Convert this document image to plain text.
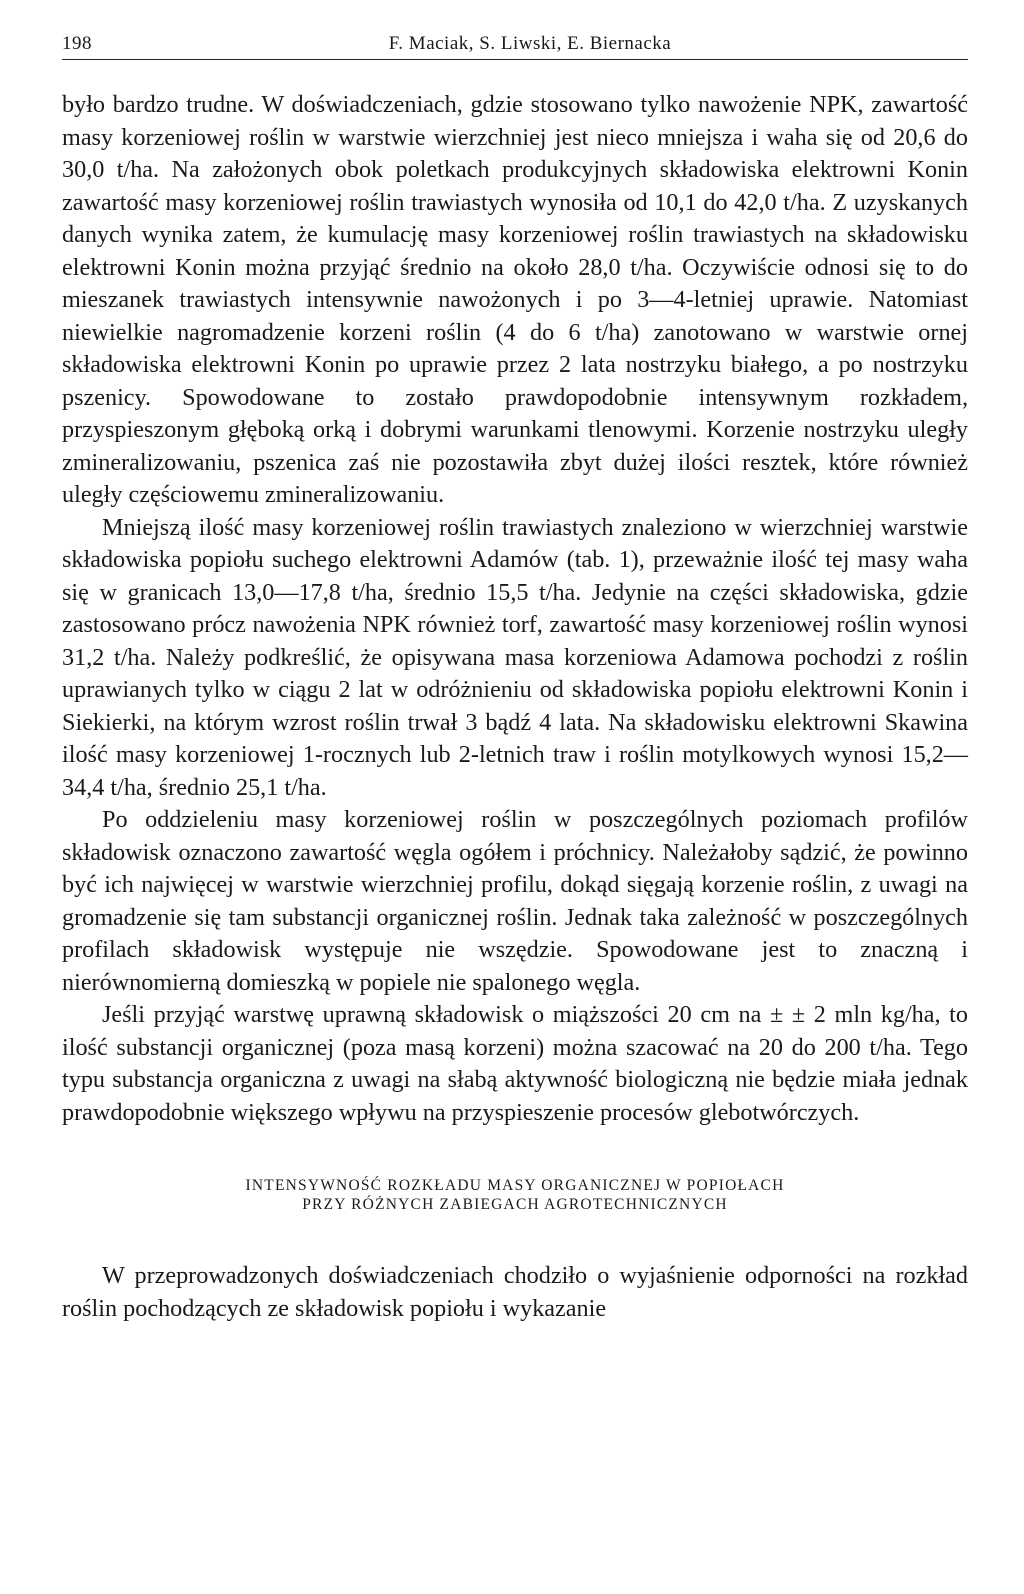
198	F. Maciak, S. Liwski, E. Biernacka

było bardzo trudne. W doświadczeniach, gdzie stosowano tylko nawożenie NPK, zawartość masy korzeniowej roślin w warstwie wierzchniej jest nieco mniejsza i waha się od 20,6 do 30,0 t/ha. Na założonych obok poletkach produkcyjnych składowiska elektrowni Konin zawartość masy korzeniowej roślin trawiastych wynosiła od 10,1 do 42,0 t/ha. Z uzyskanych danych wynika zatem, że kumulację masy korzeniowej roślin trawiastych na składowisku elektrowni Konin można przyjąć średnio na około 28,0 t/ha. Oczywiście odnosi się to do mieszanek trawiastych intensywnie nawożonych i po 3—4-letniej uprawie. Natomiast niewielkie nagromadzenie korzeni roślin (4 do 6 t/ha) zanotowano w warstwie ornej składowiska elektrowni Konin po uprawie przez 2 lata nostrzyku białego, a po nostrzyku pszenicy. Spowodowane to zostało prawdopodobnie intensywnym rozkładem, przyspieszonym głęboką orką i dobrymi warunkami tlenowymi. Korzenie nostrzyku uległy zmineralizowaniu, pszenica zaś nie pozostawiła zbyt dużej ilości resztek, które również uległy częściowemu zmineralizowaniu.

Mniejszą ilość masy korzeniowej roślin trawiastych znaleziono w wierzchniej warstwie składowiska popiołu suchego elektrowni Adamów (tab. 1), przeważnie ilość tej masy waha się w granicach 13,0—17,8 t/ha, średnio 15,5 t/ha. Jedynie na części składowiska, gdzie zastosowano prócz nawożenia NPK również torf, zawartość masy korzeniowej roślin wynosi 31,2 t/ha. Należy podkreślić, że opisywana masa korzeniowa Adamowa pochodzi z roślin uprawianych tylko w ciągu 2 lat w odróżnieniu od składowiska popiołu elektrowni Konin i Siekierki, na którym wzrost roślin trwał 3 bądź 4 lata. Na składowisku elektrowni Skawina ilość masy korzeniowej 1-rocznych lub 2-letnich traw i roślin motylkowych wynosi 15,2—34,4 t/ha, średnio 25,1 t/ha.

Po oddzieleniu masy korzeniowej roślin w poszczególnych poziomach profilów składowisk oznaczono zawartość węgla ogółem i próchnicy. Należałoby sądzić, że powinno być ich najwięcej w warstwie wierzchniej profilu, dokąd sięgają korzenie roślin, z uwagi na gromadzenie się tam substancji organicznej roślin. Jednak taka zależność w poszczególnych profilach składowisk występuje nie wszędzie. Spowodowane jest to znaczną i nierównomierną domieszką w popiele nie spalonego węgla.

Jeśli przyjąć warstwę uprawną składowisk o miąższości 20 cm na ± ± 2 mln kg/ha, to ilość substancji organicznej (poza masą korzeni) można szacować na 20 do 200 t/ha. Tego typu substancja organiczna z uwagi na słabą aktywność biologiczną nie będzie miała jednak prawdopodobnie większego wpływu na przyspieszenie procesów glebotwórczych.

INTENSYWNOŚĆ ROZKŁADU MASY ORGANICZNEJ W POPIOŁACH
PRZY RÓŻNYCH ZABIEGACH AGROTECHNICZNYCH

W przeprowadzonych doświadczeniach chodziło o wyjaśnienie odporności na rozkład roślin pochodzących ze składowisk popiołu i wykazanie
